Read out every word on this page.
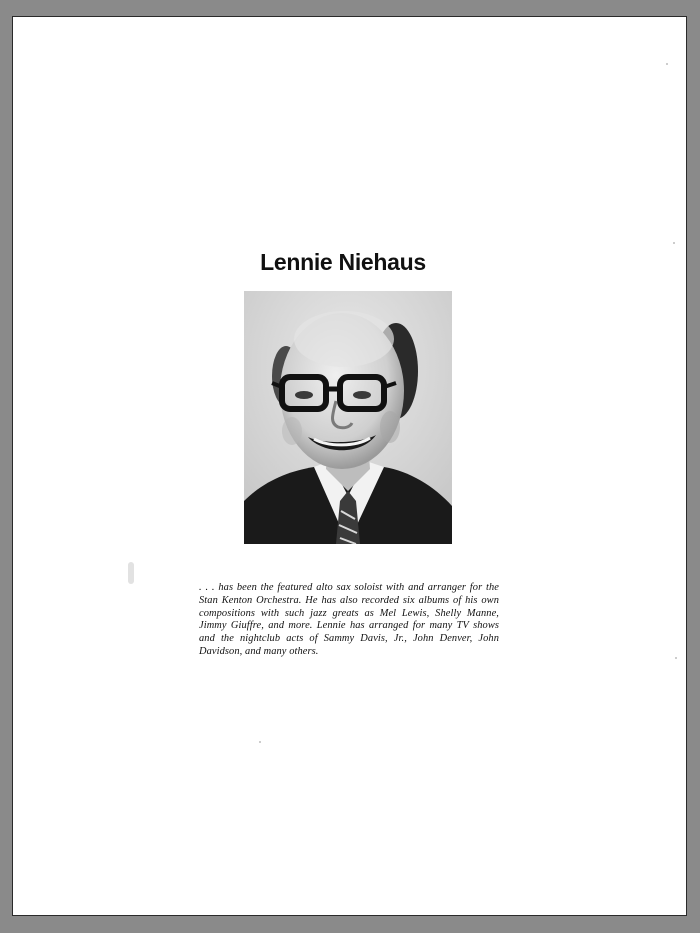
Lennie Niehaus
. . . has been the featured alto sax soloist with and arranger for the Stan Kenton Orchestra. He has also recorded six albums of his own compositions with such jazz greats as Mel Lewis, Shelly Manne, Jimmy Giuffre, and more. Lennie has arranged for many TV shows and the nightclub acts of Sammy Davis, Jr., John Denver, John Davidson, and many others.
